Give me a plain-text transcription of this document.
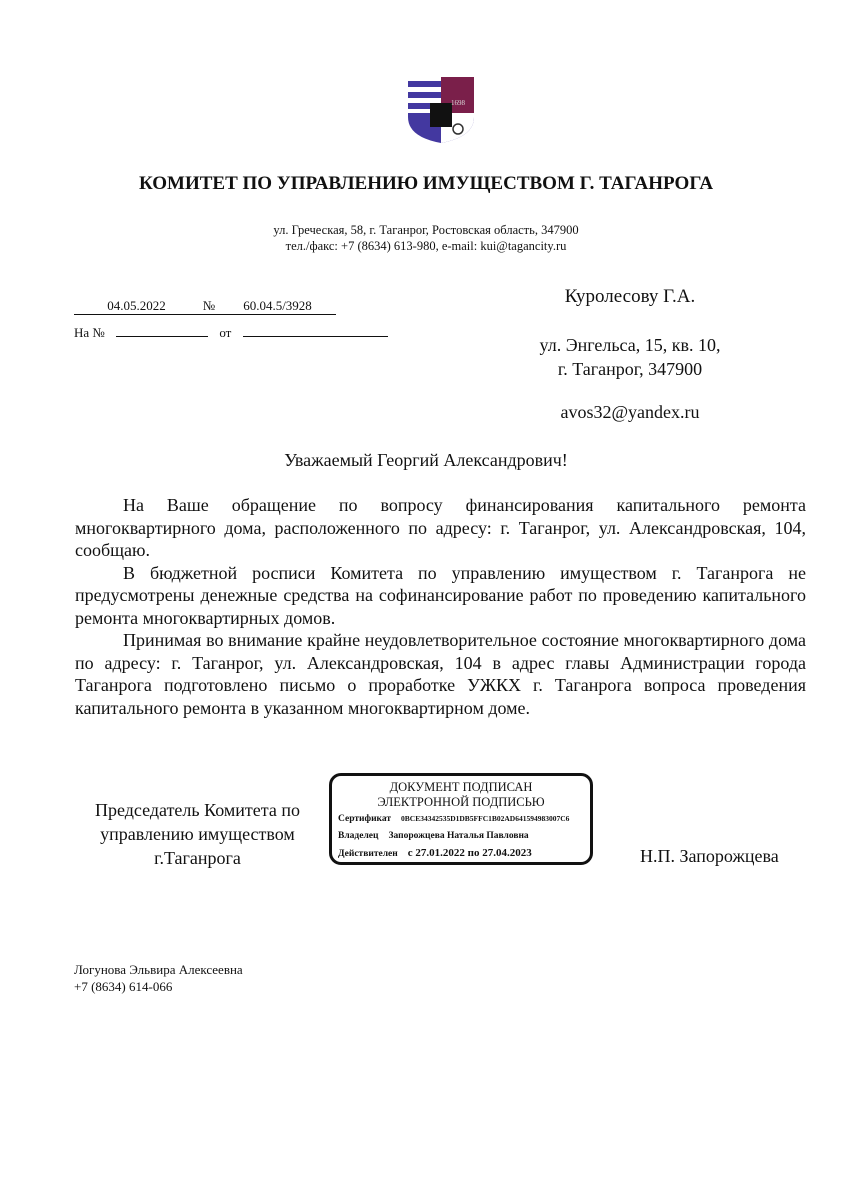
1698
КОМИТЕТ ПО УПРАВЛЕНИЮ ИМУЩЕСТВОМ Г. ТАГАНРОГА
ул. Греческая, 58, г. Таганрог, Ростовская область, 347900
тел./факс: +7 (8634) 613-980, e-mail: kui@tagancity.ru
04.05.2022	№ 60.04.5/3928
На №	от
Куролесову Г.А.
ул. Энгельса, 15, кв. 10,
г. Таганрог, 347900
avos32@yandex.ru
Уважаемый Георгий Александрович!

На Ваше обращение по вопросу финансирования капитального ремонта многоквартирного дома, расположенного по адресу: г. Таганрог, ул. Александровская, 104, сообщаю.

В бюджетной росписи Комитета по управлению имуществом г. Таганрога не предусмотрены денежные средства на софинансирование работ по проведению капитального ремонта многоквартирных домов.

Принимая во внимание крайне неудовлетворительное состояние многоквартирного дома по адресу: г. Таганрог, ул. Александровская, 104 в адрес главы Администрации города Таганрога подготовлено письмо о проработке УЖКХ г. Таганрога вопроса проведения капитального ремонта в указанном многоквартирном доме.

Председатель Комитета по
управлению имуществом
г.Таганрога
ДОКУМЕНТ ПОДПИСАН
ЭЛЕКТРОННОЙ ПОДПИСЬЮ
Сертификат 0BCE34342535D1DB5FFC1B02AD641594983007C6
Владелец Запорожцева Наталья Павловна
Действителен с 27.01.2022 по 27.04.2023	Н.П. Запорожцева
Логунова Эльвира Алексеевна
+7 (8634) 614-066
